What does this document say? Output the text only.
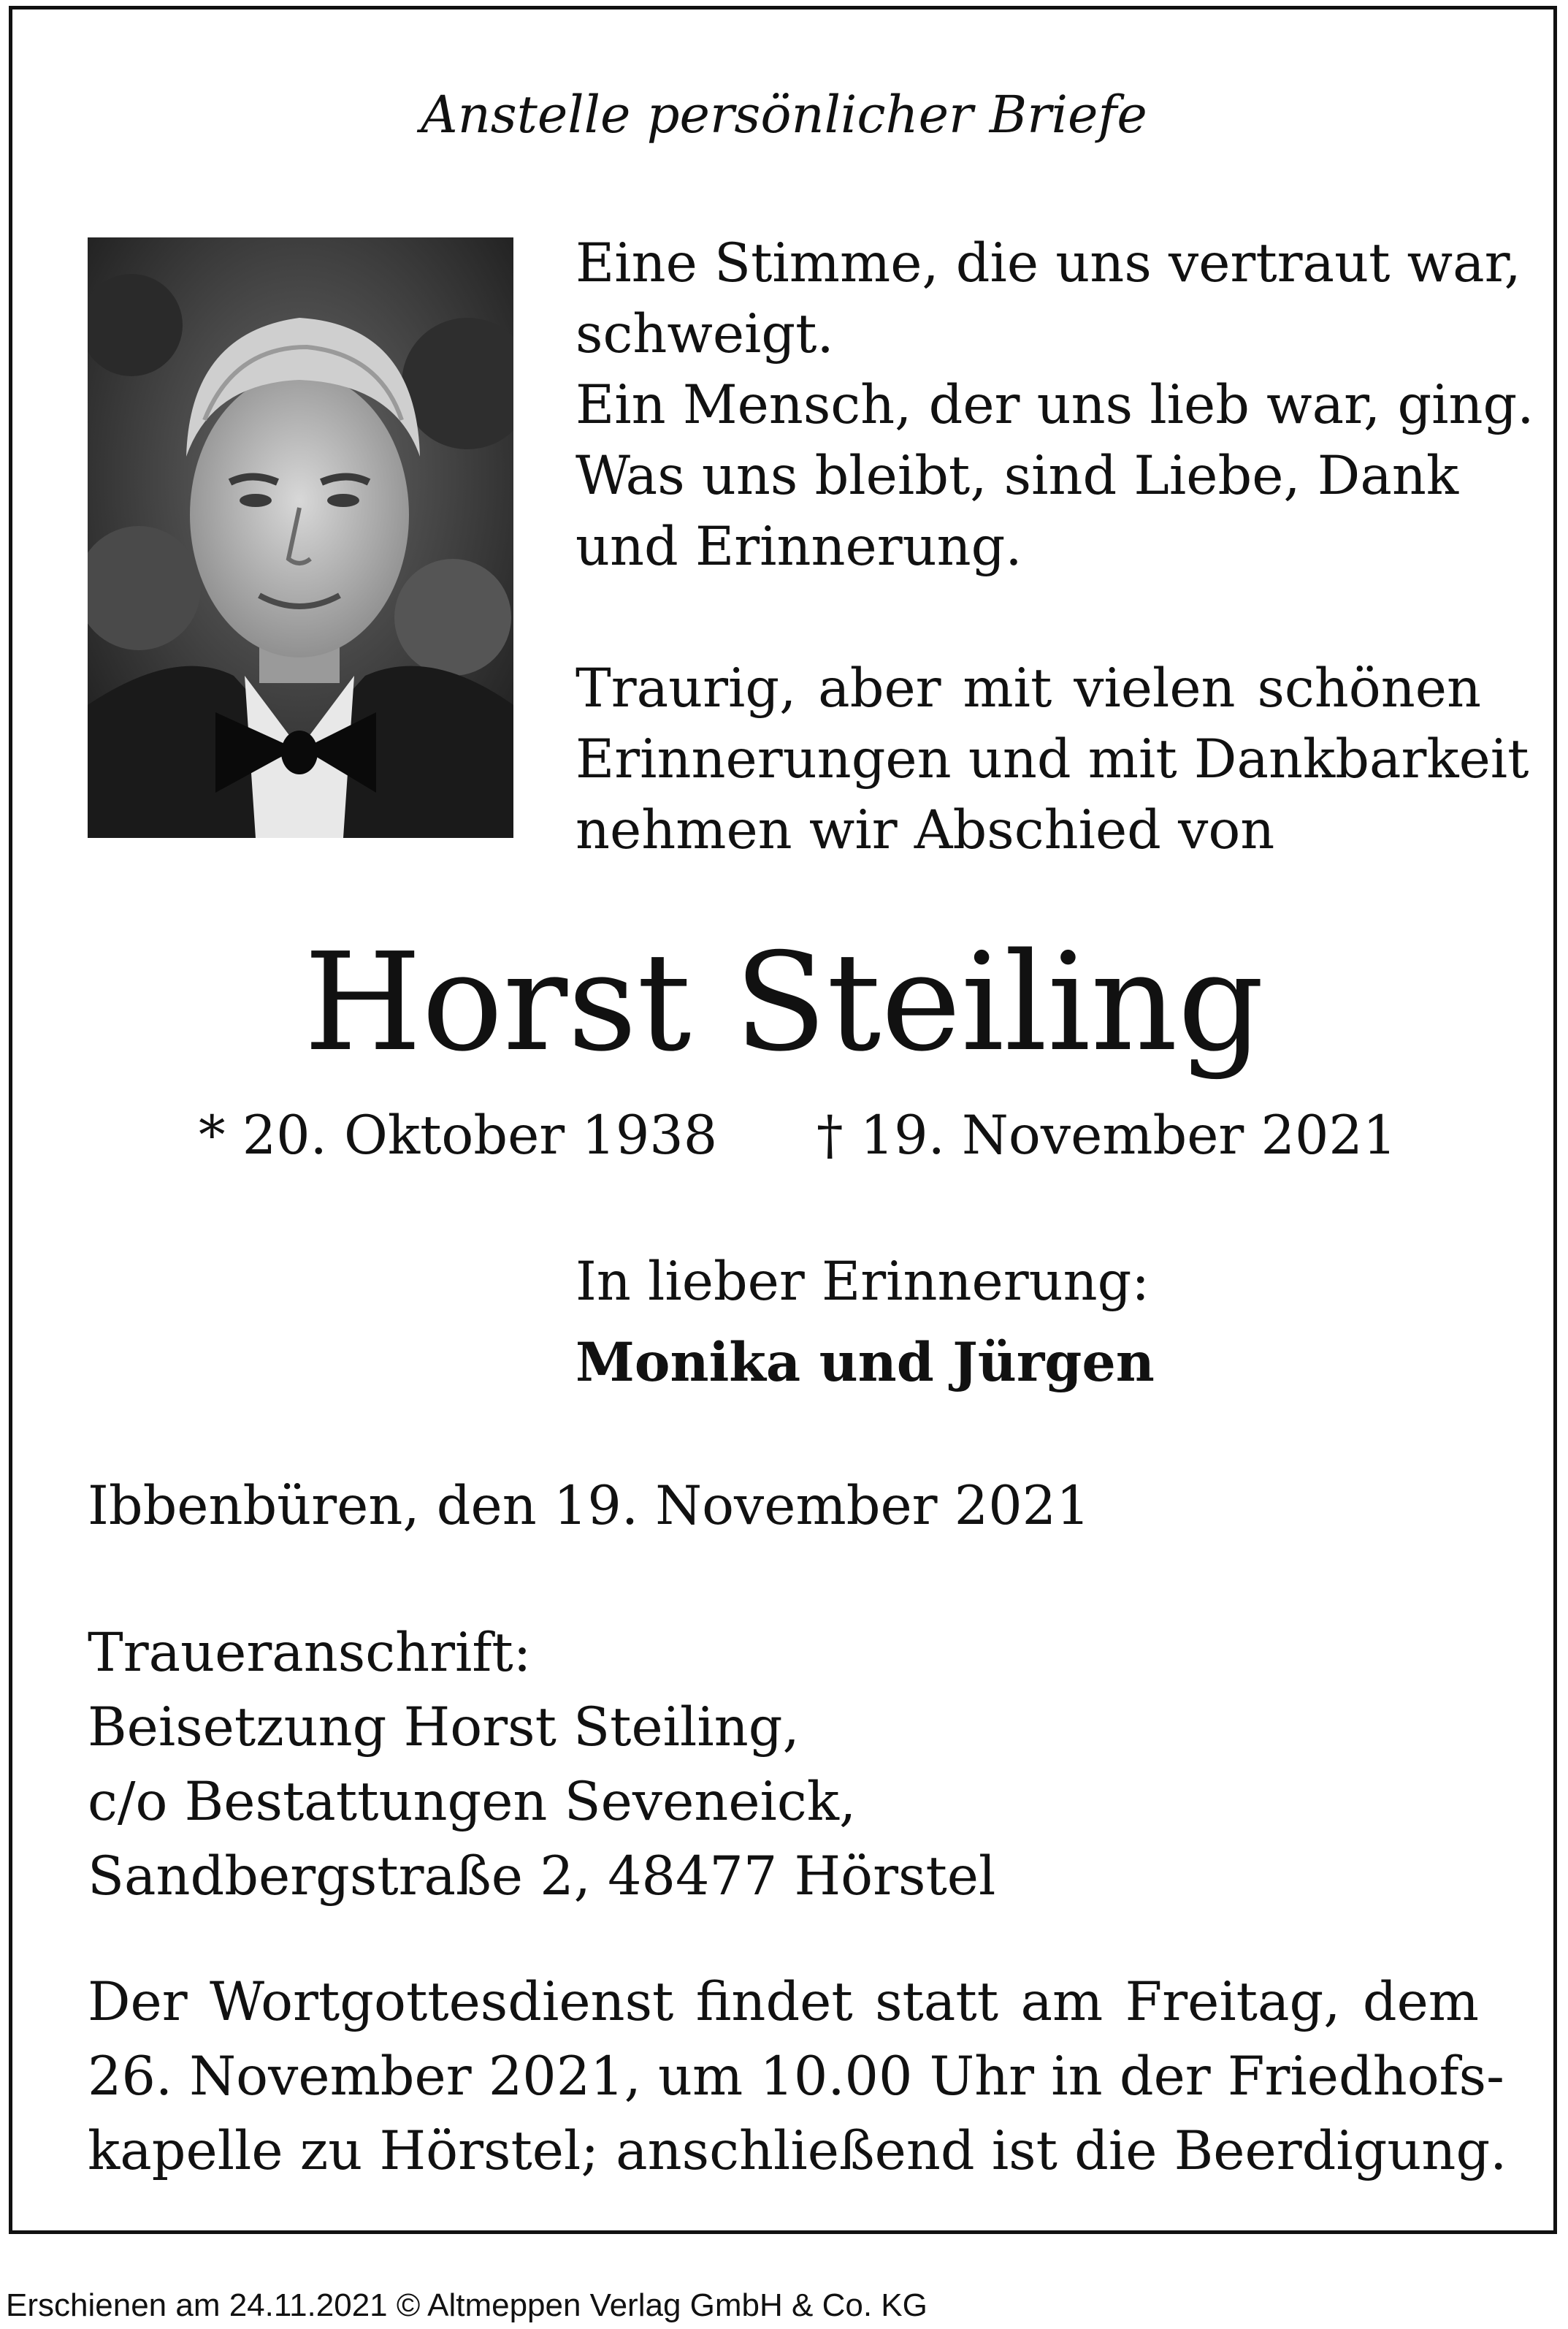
Anstelle persönlicher Briefe
Eine Stimme, die uns vertraut war,
schweigt.
Ein Mensch, der uns lieb war, ging.
Was uns bleibt, sind Liebe, Dank
und Erinnerung.
Traurig, aber mit vielen schönen
Erinnerungen und mit Dankbarkeit
nehmen wir Abschied von
Horst Steiling
* 20. Oktober 1938 † 19. November 2021
In lieber Erinnerung:
Monika und Jürgen
Ibbenbüren, den 19. November 2021
Traueranschrift:
Beisetzung Horst Steiling,
c/o Bestattungen Seveneick,
Sandbergstraße 2, 48477 Hörstel
Der Wortgottesdienst findet statt am Freitag, dem
26. November 2021, um 10.00 Uhr in der Friedhofs-
kapelle zu Hörstel; anschließend ist die Beerdigung.
Erschienen am 24.11.2021 © Altmeppen Verlag GmbH & Co. KG
